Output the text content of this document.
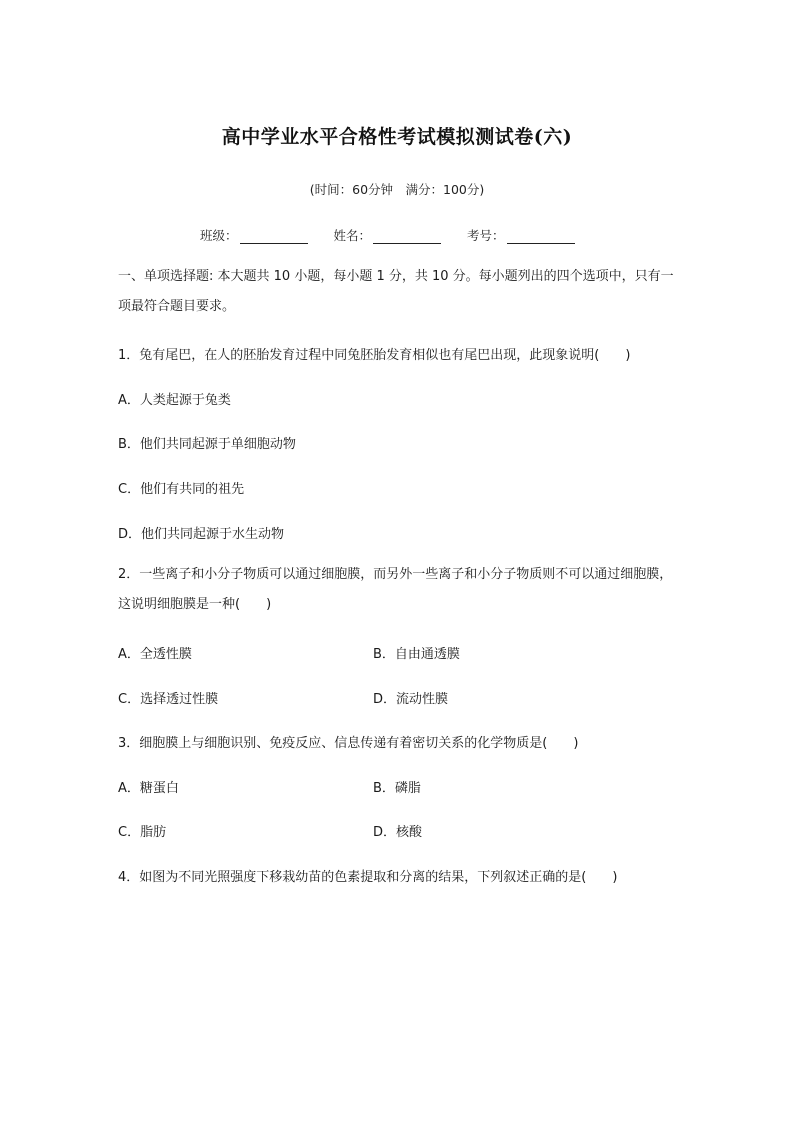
高中学业水平合格性考试模拟测试卷(六)
(时间：60分钟　满分：100分)
班级：	姓名：	考号：
一、单项选择题: 本大题共 10 小题，每小题 1 分，共 10 分。每小题列出的四个选项中，只有一项最符合题目要求。
1．兔有尾巴，在人的胚胎发育过程中同兔胚胎发育相似也有尾巴出现，此现象说明(　　)
A．人类起源于兔类
B．他们共同起源于单细胞动物
C．他们有共同的祖先
D．他们共同起源于水生动物
2．一些离子和小分子物质可以通过细胞膜，而另外一些离子和小分子物质则不可以通过细胞膜，这说明细胞膜是一种(　　)
A．全透性膜	B．自由通透膜
C．选择透过性膜	D．流动性膜
3．细胞膜上与细胞识别、免疫反应、信息传递有着密切关系的化学物质是(　　)
A．糖蛋白	B．磷脂
C．脂肪	D．核酸
4．如图为不同光照强度下移栽幼苗的色素提取和分离的结果，下列叙述正确的是(　　)
